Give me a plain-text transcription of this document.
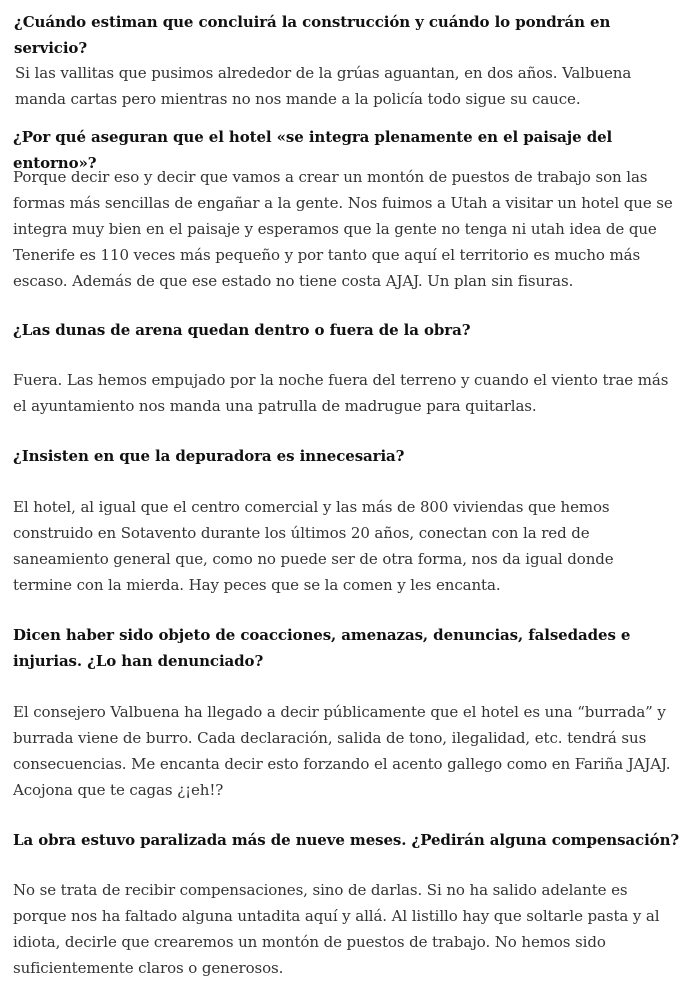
¿Cuándo estiman que concluirá la construcción y cuándo lo pondrán en servicio?

Si las vallitas que pusimos alrededor de la grúas aguantan, en dos años. Valbuena manda cartas pero mientras no nos mande a la policía todo sigue su cauce.

¿Por qué aseguran que el hotel «se integra plenamente en el paisaje del entorno»?

Porque decir eso y decir que vamos a crear un montón de puestos de trabajo son las formas más sencillas de engañar a la gente. Nos fuimos a Utah a visitar un hotel que se integra muy bien en el paisaje y esperamos que la gente no tenga ni utah idea de que Tenerife es 110 veces más pequeño y por tanto que aquí el territorio es mucho más escaso. Además de que ese estado no tiene costa AJAJ. Un plan sin fisuras.

¿Las dunas de arena quedan dentro o fuera de la obra?

Fuera. Las hemos empujado por la noche fuera del terreno y cuando el viento trae más el ayuntamiento nos manda una patrulla de madrugue para quitarlas.

¿Insisten en que la depuradora es innecesaria?

El hotel, al igual que el centro comercial y las más de 800 viviendas que hemos construido en Sotavento durante los últimos 20 años, conectan con la red de saneamiento general que, como no puede ser de otra forma, nos da igual donde termine con la mierda. Hay peces que se la comen y les encanta.

Dicen haber sido objeto de coacciones, amenazas, denuncias, falsedades e injurias. ¿Lo han denunciado?

El consejero Valbuena ha llegado a decir públicamente que el hotel es una “burrada” y burrada viene de burro. Cada declaración, salida de tono, ilegalidad, etc. tendrá sus consecuencias. Me encanta decir esto forzando el acento gallego como en Fariña JAJAJ. Acojona que te cagas ¿¡eh!?

La obra estuvo paralizada más de nueve meses. ¿Pedirán alguna compensación?

No se trata de recibir compensaciones, sino de darlas. Si no ha salido adelante es porque nos ha faltado alguna untadita aquí y allá. Al listillo hay que soltarle pasta y al idiota, decirle que crearemos un montón de puestos de trabajo. No hemos sido suficientemente claros o generosos.
